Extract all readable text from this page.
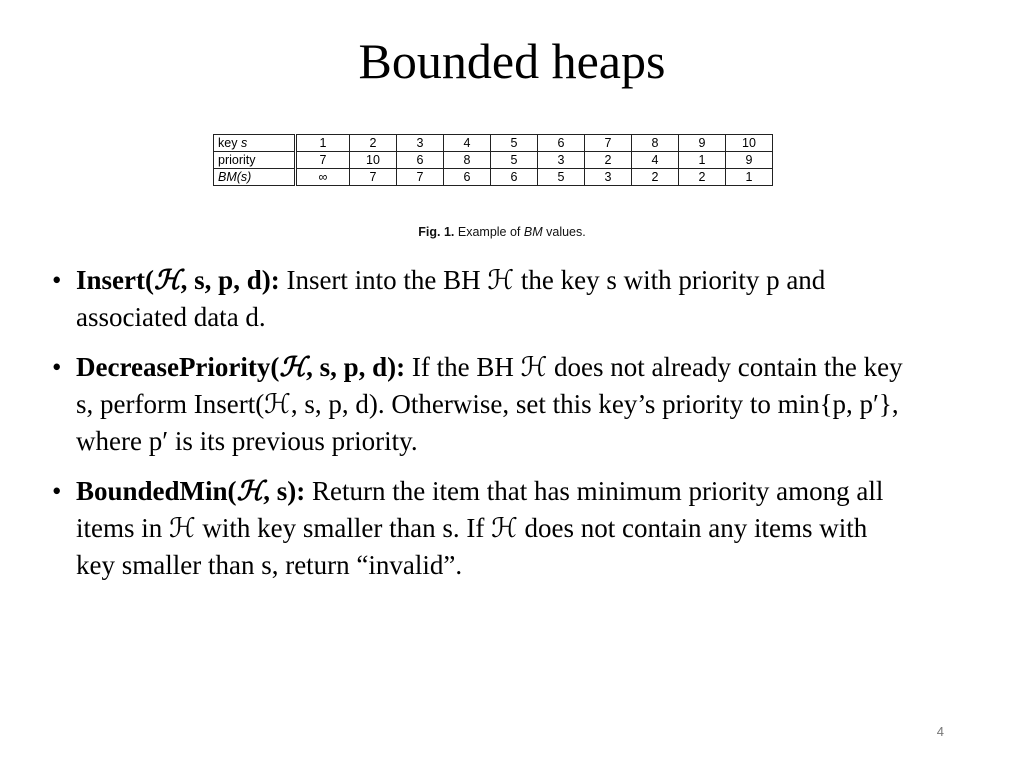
Bounded heaps
key s	1	2	3	4	5	6	7	8	9	10
priority	7	10	6	8	5	3	2	4	1	9
BM(s)	∞	7	7	6	6	5	3	2	2	1
Fig. 1. Example of BM values.
• Insert(ℋ, s, p, d): Insert into the BH ℋ the key s with priority p and associated data d.
• DecreasePriority(ℋ, s, p, d): If the BH ℋ does not already contain the key s, perform Insert(ℋ, s, p, d). Otherwise, set this key’s priority to min{p, p′}, where p′ is its previous priority.
• BoundedMin(ℋ, s): Return the item that has minimum priority among all items in ℋ with key smaller than s. If ℋ does not contain any items with key smaller than s, return “invalid”.
4
